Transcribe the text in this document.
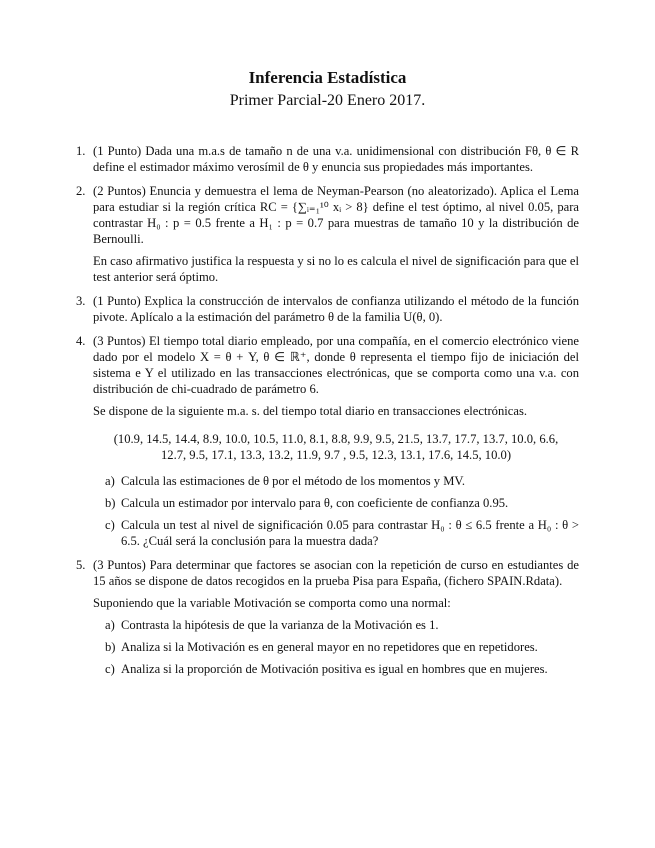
Inferencia Estadística
Primer Parcial-20 Enero 2017.
1. (1 Punto) Dada una m.a.s de tamaño n de una v.a. unidimensional con distribución Fθ, θ ∈ R define el estimador máximo verosímil de θ y enuncia sus propiedades más importantes.

2. (2 Puntos) Enuncia y demuestra el lema de Neyman-Pearson (no aleatorizado). Aplica el Lema para estudiar si la región crítica RC = {∑ᵢ₌₁¹⁰ xᵢ > 8} define el test óptimo, al nivel 0.05, para contrastar H₀ : p = 0.5 frente a H₁ : p = 0.7 para muestras de tamaño 10 y la distribución de Bernoulli.

En caso afirmativo justifica la respuesta y si no lo es calcula el nivel de significación para que el test anterior será óptimo.

3. (1 Punto) Explica la construcción de intervalos de confianza utilizando el método de la función pivote. Aplícalo a la estimación del parámetro θ de la familia U(θ, 0).

4. (3 Puntos) El tiempo total diario empleado, por una compañía, en el comercio electrónico viene dado por el modelo X = θ + Y, θ ∈ ℝ⁺, donde θ representa el tiempo fijo de iniciación del sistema e Y el utilizado en las transacciones electrónicas, que se comporta como una v.a. con distribución de chi-cuadrado de parámetro 6.

Se dispone de la siguiente m.a. s. del tiempo total diario en transacciones electrónicas.

(10.9, 14.5, 14.4, 8.9, 10.0, 10.5, 11.0, 8.1, 8.8, 9.9, 9.5, 21.5, 13.7, 17.7, 13.7, 10.0, 6.6,
12.7, 9.5, 17.1, 13.3, 13.2, 11.9, 9.7 , 9.5, 12.3, 13.1, 17.6, 14.5, 10.0)
a) Calcula las estimaciones de θ por el método de los momentos y MV.
b) Calcula un estimador por intervalo para θ, con coeficiente de confianza 0.95.
c) Calcula un test al nivel de significación 0.05 para contrastar H₀ : θ ≤ 6.5 frente a H₀ : θ > 6.5. ¿Cuál será la conclusión para la muestra dada?
5. (3 Puntos) Para determinar que factores se asocian con la repetición de curso en estudiantes de 15 años se dispone de datos recogidos en la prueba Pisa para España, (fichero SPAIN.Rdata).

Suponiendo que la variable Motivación se comporta como una normal:

a) Contrasta la hipótesis de que la varianza de la Motivación es 1.
b) Analiza si la Motivación es en general mayor en no repetidores que en repetidores.
c) Analiza si la proporción de Motivación positiva es igual en hombres que en mujeres.
